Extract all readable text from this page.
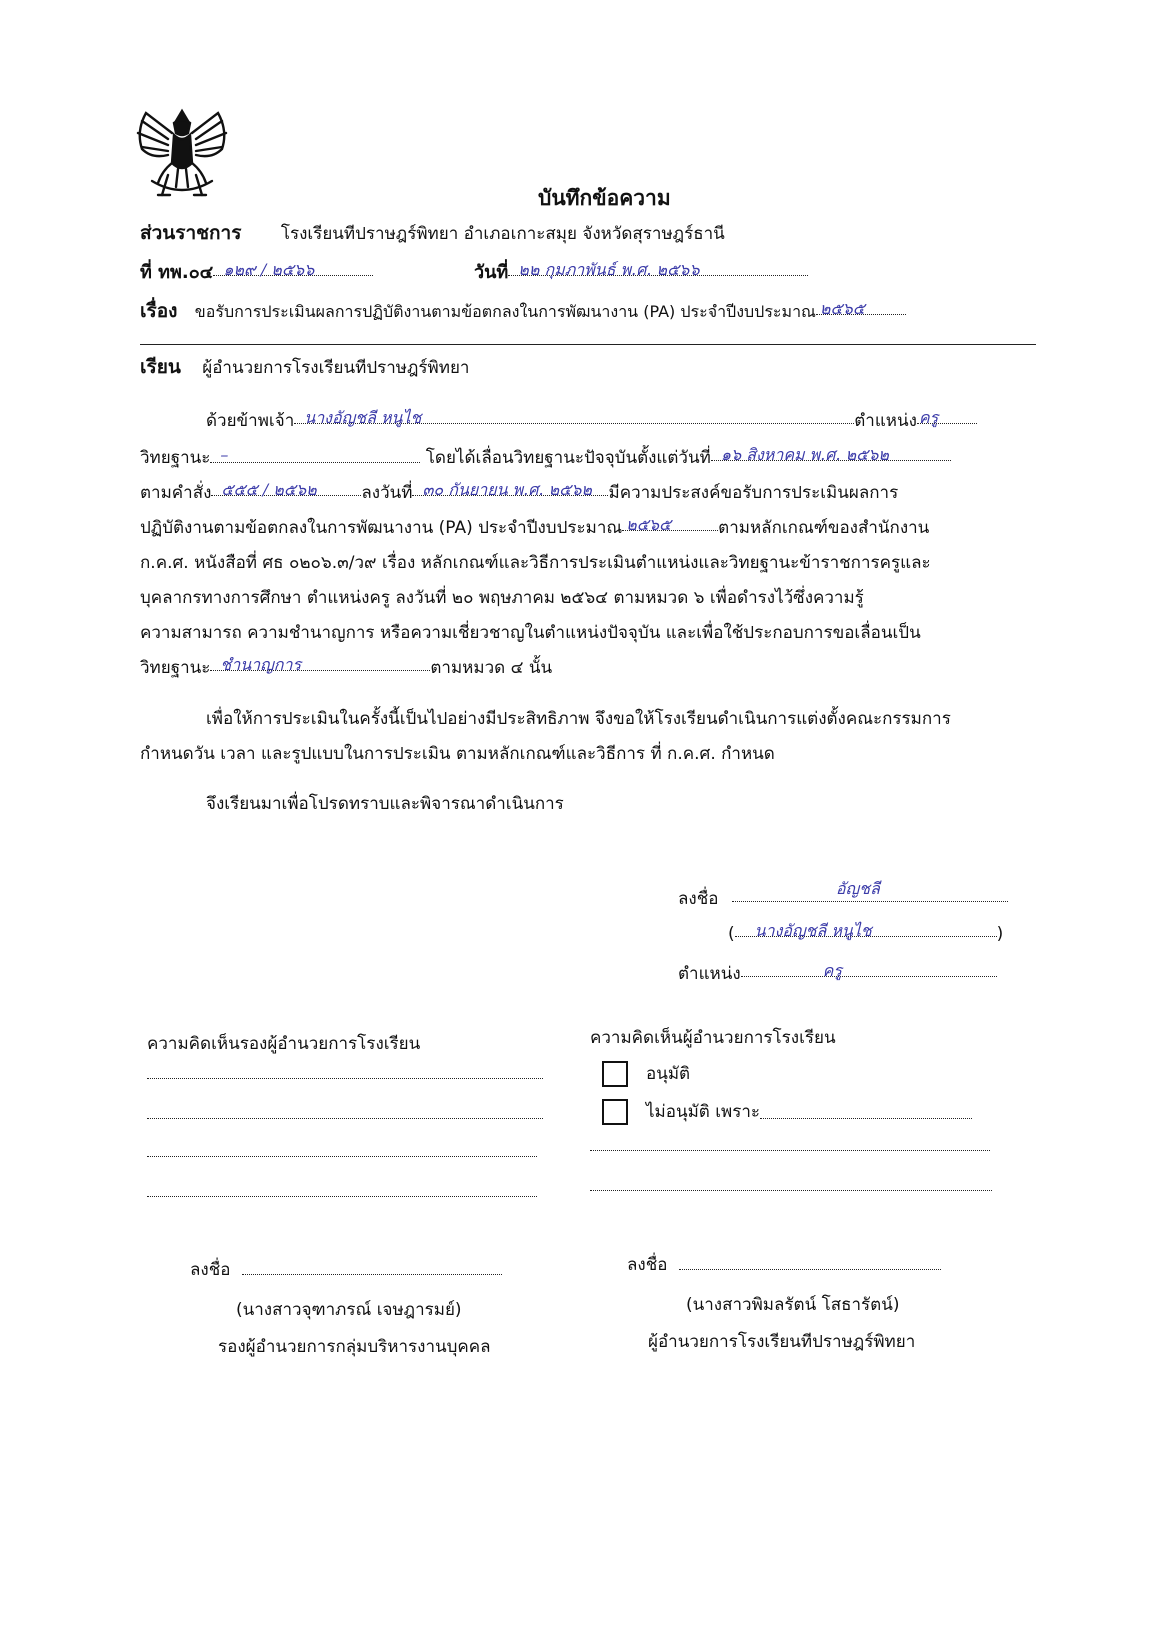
บันทึกข้อความ
ส่วนราชการ โรงเรียนทีปราษฎร์พิทยา อำเภอเกาะสมุย จังหวัดสุราษฎร์ธานี
ที่ ทพ.๐๔ ๑๒๙ / ๒๕๖๖	วันที่ ๒๒ กุมภาพันธ์ พ.ศ. ๒๕๖๖
เรื่อง ขอรับการประเมินผลการปฏิบัติงานตามข้อตกลงในการพัฒนางาน (PA) ประจำปีงบประมาณ ๒๕๖๕
เรียน ผู้อำนวยการโรงเรียนทีปราษฎร์พิทยา
ด้วยข้าพเจ้า นางอัญชลี หนูไช	ตำแหน่ง ครู
วิทยฐานะ –	โดยได้เลื่อนวิทยฐานะปัจจุบันตั้งแต่วันที่ ๑๖ สิงหาคม พ.ศ. ๒๕๖๒
ตามคำสั่ง ๕๕๕ / ๒๕๖๒	ลงวันที่ ๓๐ กันยายน พ.ศ. ๒๕๖๒ มีความประสงค์ขอรับการประเมินผลการ
ปฏิบัติงานตามข้อตกลงในการพัฒนางาน (PA) ประจำปีงบประมาณ ๒๕๖๕	ตามหลักเกณฑ์ของสำนักงาน
ก.ค.ศ. หนังสือที่ ศธ ๐๒๐๖.๓/ว๙ เรื่อง หลักเกณฑ์และวิธีการประเมินตำแหน่งและวิทยฐานะข้าราชการครูและ
บุคลากรทางการศึกษา ตำแหน่งครู ลงวันที่ ๒๐ พฤษภาคม ๒๕๖๔ ตามหมวด ๖ เพื่อดำรงไว้ซึ่งความรู้
ความสามารถ ความชำนาญการ หรือความเชี่ยวชาญในตำแหน่งปัจจุบัน และเพื่อใช้ประกอบการขอเลื่อนเป็น
วิทยฐานะ ชำนาญการ	ตามหมวด ๔ นั้น
เพื่อให้การประเมินในครั้งนี้เป็นไปอย่างมีประสิทธิภาพ จึงขอให้โรงเรียนดำเนินการแต่งตั้งคณะกรรมการ
กำหนดวัน เวลา และรูปแบบในการประเมิน ตามหลักเกณฑ์และวิธีการ ที่ ก.ค.ศ. กำหนด
จึงเรียนมาเพื่อโปรดทราบและพิจารณาดำเนินการ
ลงชื่อ อัญชลี
( นางอัญชลี หนูไช	)
ตำแหน่ง	ครู
ความคิดเห็นรองผู้อำนวยการโรงเรียน
ลงชื่อ
(นางสาวจุฑาภรณ์ เจษฎารมย์)
รองผู้อำนวยการกลุ่มบริหารงานบุคคล
ความคิดเห็นผู้อำนวยการโรงเรียน
อนุมัติ
ไม่อนุมัติ เพราะ
ลงชื่อ
(นางสาวพิมลรัตน์ โสธารัตน์)
ผู้อำนวยการโรงเรียนทีปราษฎร์พิทยา
